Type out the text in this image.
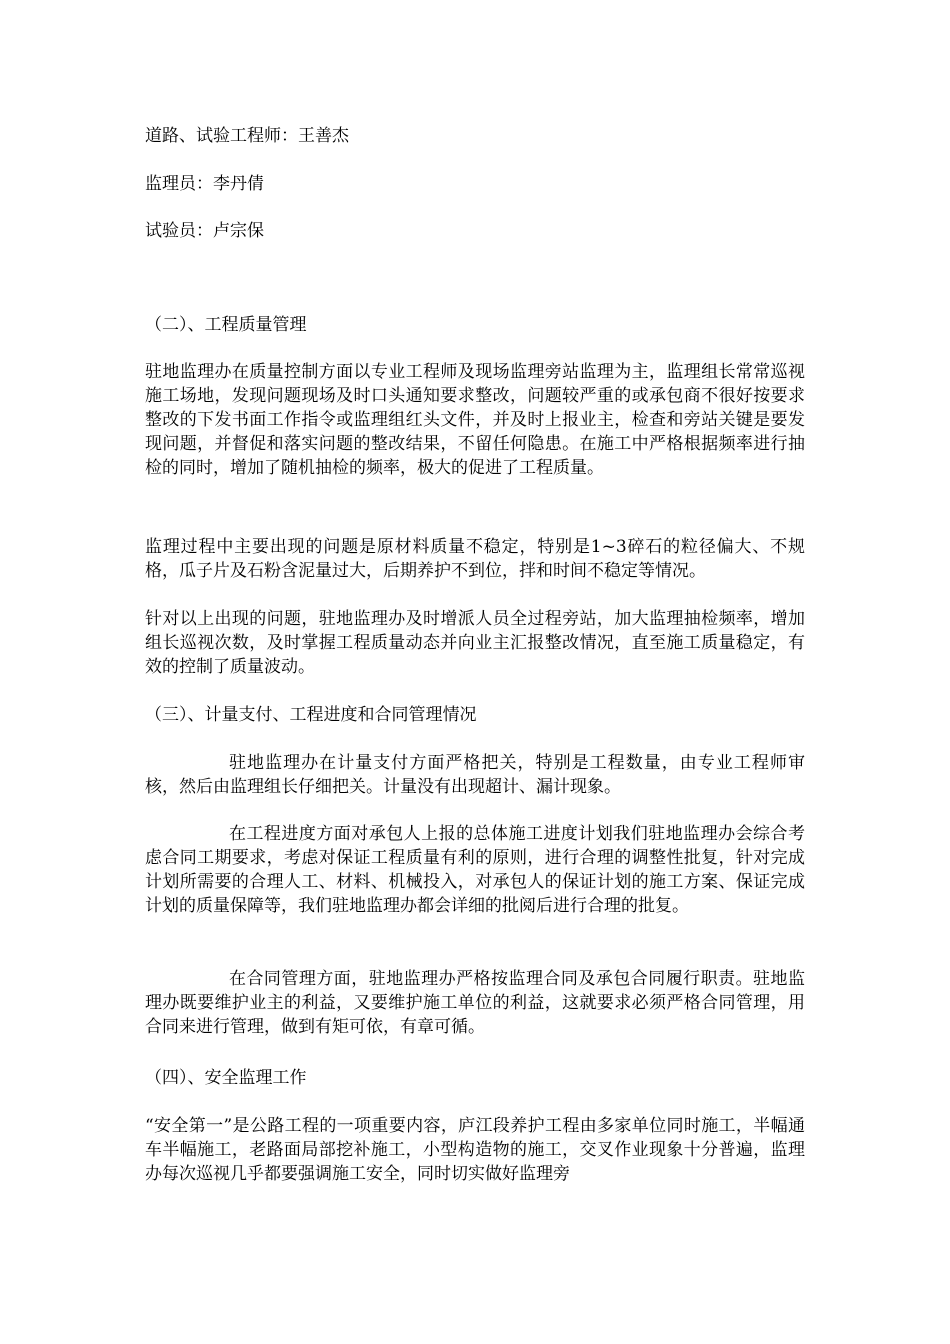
道路、试验工程师：王善杰
监理员：李丹倩
试验员：卢宗保
（二）、工程质量管理
驻地监理办在质量控制方面以专业工程师及现场监理旁站监理为主，监理组长常常巡视施工场地，发现问题现场及时口头通知要求整改，问题较严重的或承包商不很好按要求整改的下发书面工作指令或监理组红头文件，并及时上报业主，检查和旁站关键是要发现问题，并督促和落实问题的整改结果，不留任何隐患。在施工中严格根据频率进行抽检的同时，增加了随机抽检的频率，极大的促进了工程质量。
监理过程中主要出现的问题是原材料质量不稳定，特别是1~3碎石的粒径偏大、不规格，瓜子片及石粉含泥量过大，后期养护不到位，拌和时间不稳定等情况。
针对以上出现的问题，驻地监理办及时增派人员全过程旁站，加大监理抽检频率，增加组长巡视次数，及时掌握工程质量动态并向业主汇报整改情况，直至施工质量稳定，有效的控制了质量波动。
（三）、计量支付、工程进度和合同管理情况
驻地监理办在计量支付方面严格把关，特别是工程数量，由专业工程师审核，然后由监理组长仔细把关。计量没有出现超计、漏计现象。
在工程进度方面对承包人上报的总体施工进度计划我们驻地监理办会综合考虑合同工期要求，考虑对保证工程质量有利的原则，进行合理的调整性批复，针对完成计划所需要的合理人工、材料、机械投入，对承包人的保证计划的施工方案、保证完成计划的质量保障等，我们驻地监理办都会详细的批阅后进行合理的批复。
在合同管理方面，驻地监理办严格按监理合同及承包合同履行职责。驻地监理办既要维护业主的利益，又要维护施工单位的利益，这就要求必须严格合同管理，用合同来进行管理，做到有矩可依，有章可循。
（四）、安全监理工作
“安全第一”是公路工程的一项重要内容，庐江段养护工程由多家单位同时施工，半幅通车半幅施工，老路面局部挖补施工，小型构造物的施工，交叉作业现象十分普遍，监理办每次巡视几乎都要强调施工安全，同时切实做好监理旁
